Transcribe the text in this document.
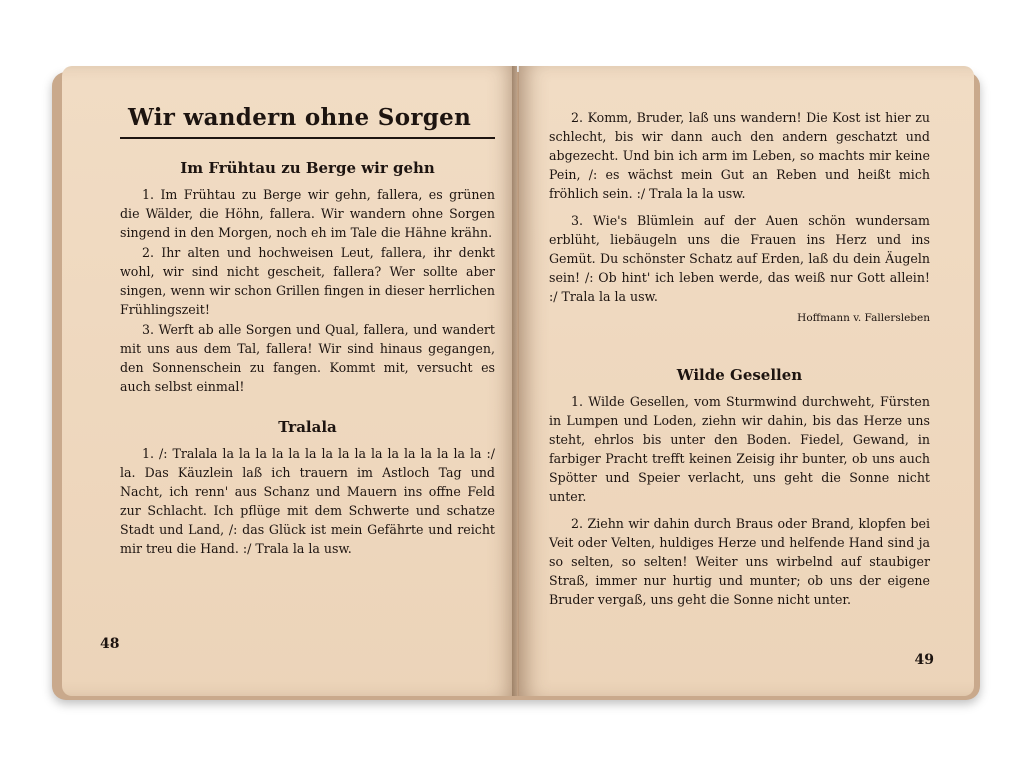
Wir wandern ohne Sorgen
Im Frühtau zu Berge wir gehn

1. Im Frühtau zu Berge wir gehn, fallera, es grünen die Wälder, die Höhn, fallera. Wir wandern ohne Sorgen singend in den Morgen, noch eh im Tale die Hähne krähn.

2. Ihr alten und hochweisen Leut, fallera, ihr denkt wohl, wir sind nicht gescheit, fallera? Wer sollte aber singen, wenn wir schon Grillen fingen in dieser herrlichen Frühlingszeit!

3. Werft ab alle Sorgen und Qual, fallera, und wandert mit uns aus dem Tal, fallera! Wir sind hinaus gegangen, den Sonnenschein zu fangen. Kommt mit, versucht es auch selbst einmal!

Tralala

1. /: Tralala la la la la la la la la la la la la la la la la :/ la. Das Käuzlein laß ich trauern im Astloch Tag und Nacht, ich renn' aus Schanz und Mauern ins offne Feld zur Schlacht. Ich pflüge mit dem Schwerte und schatze Stadt und Land, /: das Glück ist mein Gefährte und reicht mir treu die Hand. :/ Trala la la usw.

48

2. Komm, Bruder, laß uns wandern! Die Kost ist hier zu schlecht, bis wir dann auch den andern geschatzt und abgezecht. Und bin ich arm im Leben, so machts mir keine Pein, /: es wächst mein Gut an Reben und heißt mich fröhlich sein. :/ Trala la la usw.

3. Wie's Blümlein auf der Auen schön wundersam erblüht, liebäugeln uns die Frauen ins Herz und ins Gemüt. Du schönster Schatz auf Erden, laß du dein Äugeln sein! /: Ob hint' ich leben werde, das weiß nur Gott allein! :/ Trala la la usw.

Hoffmann v. Fallersleben
Wilde Gesellen

1. Wilde Gesellen, vom Sturmwind durchweht, Fürsten in Lumpen und Loden, ziehn wir dahin, bis das Herze uns steht, ehrlos bis unter den Boden. Fiedel, Gewand, in farbiger Pracht trefft keinen Zeisig ihr bunter, ob uns auch Spötter und Speier verlacht, uns geht die Sonne nicht unter.

2. Ziehn wir dahin durch Braus oder Brand, klopfen bei Veit oder Velten, huldiges Herze und helfende Hand sind ja so selten, so selten! Weiter uns wirbelnd auf staubiger Straß, immer nur hurtig und munter; ob uns der eigene Bruder vergaß, uns geht die Sonne nicht unter.

49
